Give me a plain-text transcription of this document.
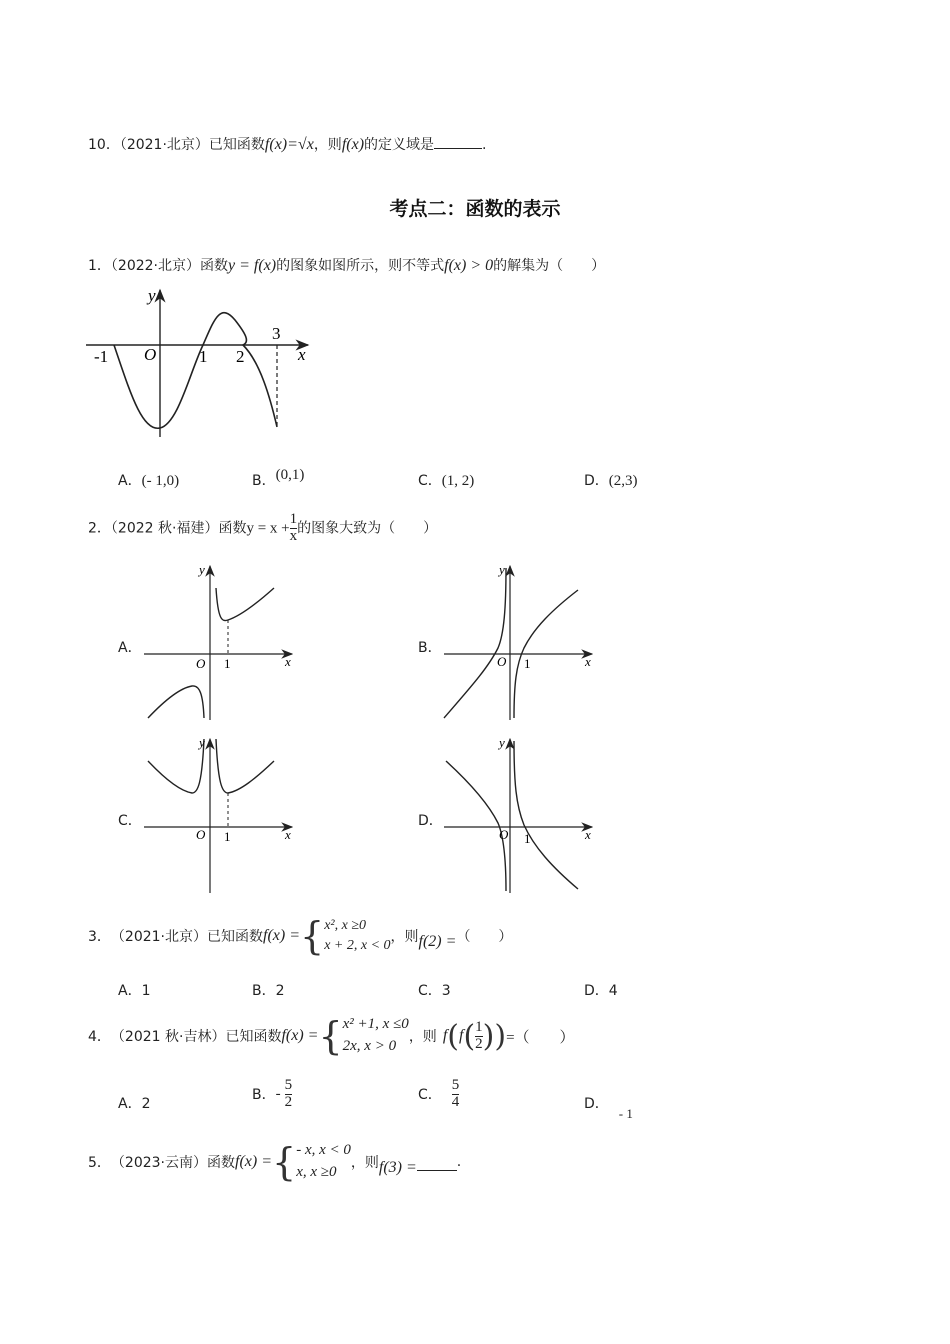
10．（2021·北京）已知函数f(x)=√x，则f(x)的定义域是	.
考点二：函数的表示
1．（2022·北京）函数y = f(x)的图象如图所示，则不等式f(x) > 0的解集为（　　）
y
x
O
-1	1 2
3
A．(- 1,0)	B．(0,1)	C．(1, 2)	D．(2,3)
2．（2022 秋·福建）函数$y = x + \frac{1}{x}$ 的图象大致为（　　）
A．
y
x
O 1
B．
y
x
O 1
C．
y
x
O 1
D．
y
x
O 1
3． （2021·北京）已知函数 f(x) = { x², x ≥0
x + 2, x < 0
，则 f(2) = （　　）
A．1	B．2	C．3	D．4
4． （2021 秋·吉林）已知函数 f(x) = { x² +1, x ≤0
2x, x > 0
，则 f ( f ( $\frac{1}{2}$ ) ) =（　　）
A．2
B． - $\frac{5}{2}$	C． $\frac{5}{4}$	D．- 1
5． （2023·云南）函数 f(x) = { - x, x < 0
x, x ≥0
，则 f(3) =	.
